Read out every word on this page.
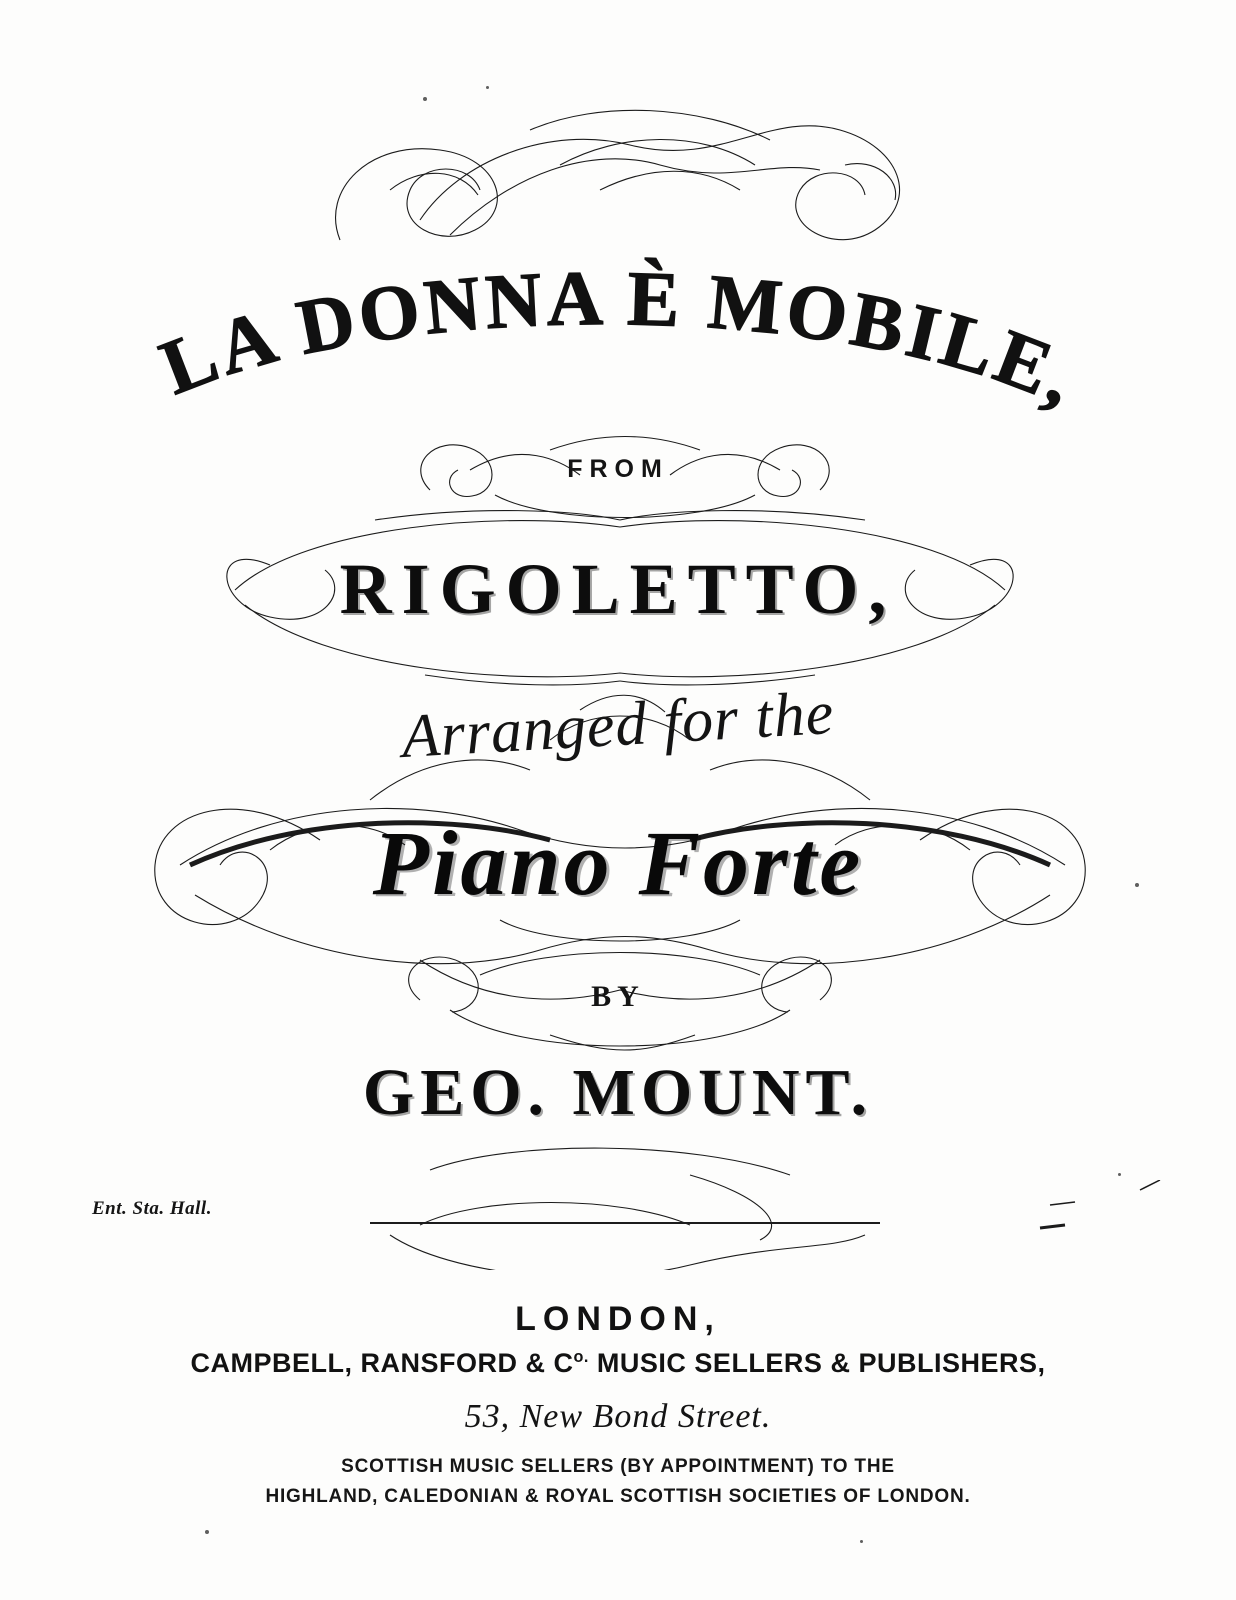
LA DONNA È MOBILE,
FROM
RIGOLETTO,
Arranged for the
Piano Forte
BY
GEO. MOUNT.
Ent. Sta. Hall.
LONDON,
CAMPBELL, RANSFORD & $C^{o.}$ MUSIC SELLERS & PUBLISHERS,
53, New Bond Street.
SCOTTISH MUSIC SELLERS (BY APPOINTMENT) TO THE
HIGHLAND, CALEDONIAN & ROYAL SCOTTISH SOCIETIES OF LONDON.
